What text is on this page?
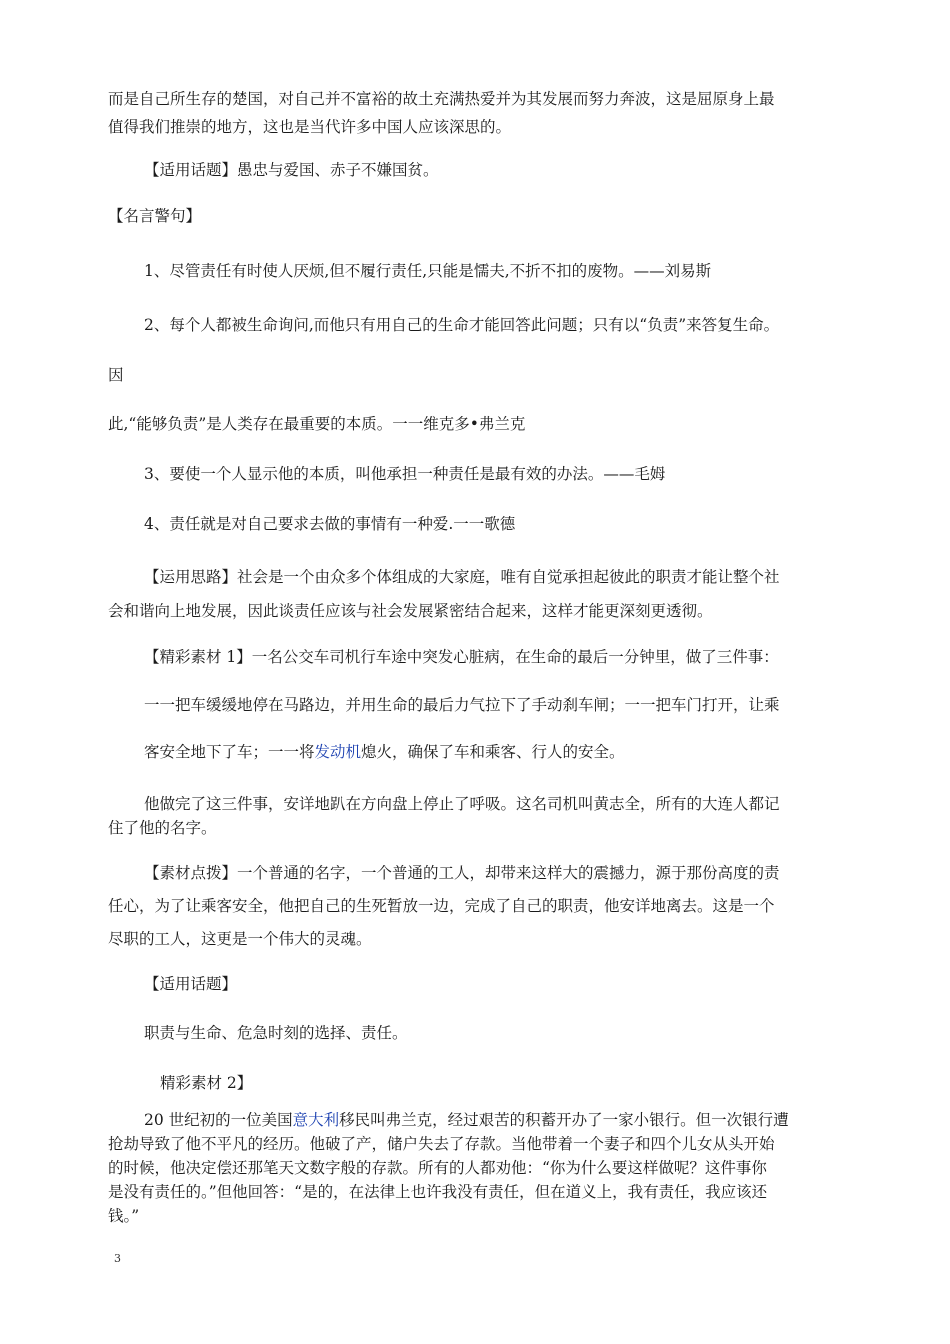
而是自己所生存的楚国，对自己并不富裕的故土充满热爱并为其发展而努力奔波，这是屈原身上最
值得我们推崇的地方，这也是当代许多中国人应该深思的。
【适用话题】愚忠与爱国、赤子不嫌国贫。
【名言警句】
1、尽管责任有时使人厌烦,但不履行责任,只能是懦夫,不折不扣的废物。——刘易斯
2、每个人都被生命询问,而他只有用自己的生命才能回答此问题；只有以“负责”来答复生命。
因
此,“能够负责”是人类存在最重要的本质。一一维克多•弗兰克
3、要使一个人显示他的本质，叫他承担一种责任是最有效的办法。——毛姆
4、责任就是对自己要求去做的事情有一种爱.一一歌德
【运用思路】社会是一个由众多个体组成的大家庭，唯有自觉承担起彼此的职责才能让整个社
会和谐向上地发展，因此谈责任应该与社会发展紧密结合起来，这样才能更深刻更透彻。
【精彩素材 1】一名公交车司机行车途中突发心脏病，在生命的最后一分钟里，做了三件事：
一一把车缓缓地停在马路边，并用生命的最后力气拉下了手动刹车闸；一一把车门打开，让乘
客安全地下了车；一一将发动机熄火，确保了车和乘客、行人的安全。
他做完了这三件事，安详地趴在方向盘上停止了呼吸。这名司机叫黄志全，所有的大连人都记
住了他的名字。
【素材点拨】一个普通的名字，一个普通的工人，却带来这样大的震撼力，源于那份高度的责
任心，为了让乘客安全，他把自己的生死暂放一边，完成了自己的职责，他安详地离去。这是一个
尽职的工人，这更是一个伟大的灵魂。
【适用话题】
职责与生命、危急时刻的选择、责任。
精彩素材 2】
20 世纪初的一位美国意大利移民叫弗兰克，经过艰苦的积蓄开办了一家小银行。但一次银行遭
抢劫导致了他不平凡的经历。他破了产，储户失去了存款。当他带着一个妻子和四个儿女从头开始
的时候，他决定偿还那笔天文数字般的存款。所有的人都劝他：“你为什么要这样做呢？这件事你
是没有责任的。”但他回答：“是的，在法律上也许我没有责任，但在道义上，我有责任，我应该还
钱。”
3
